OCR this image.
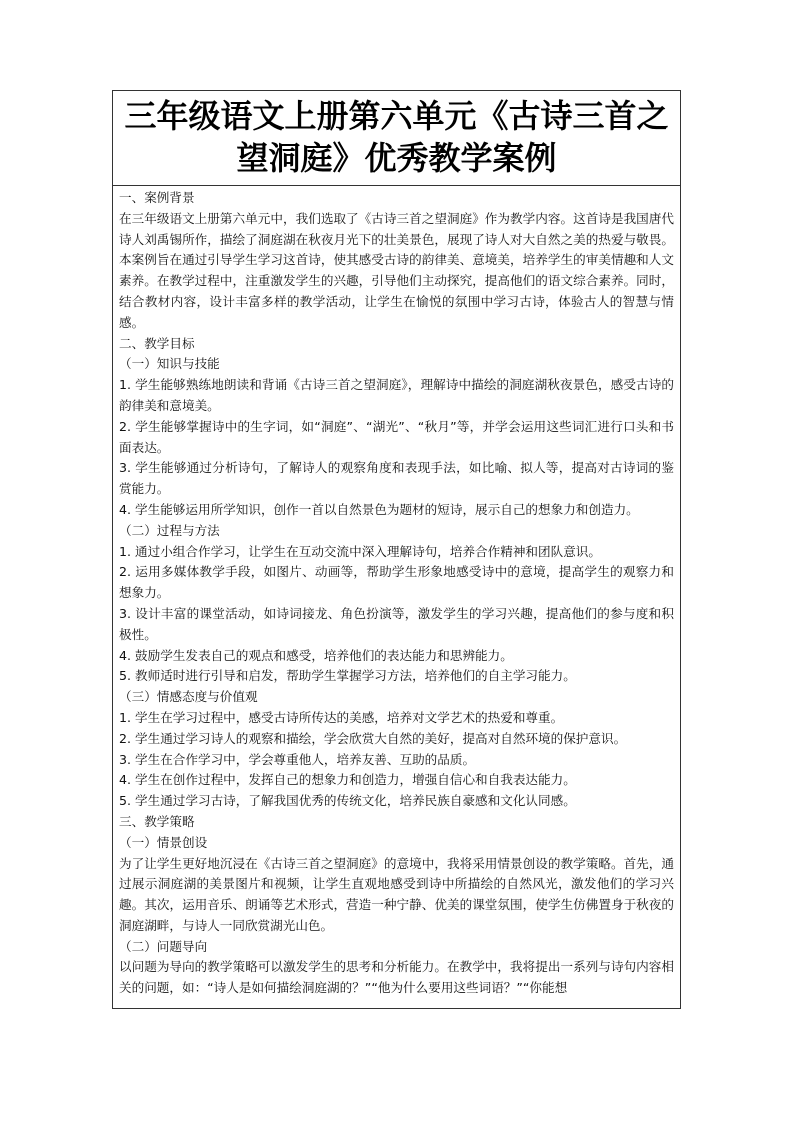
三年级语文上册第六单元《古诗三首之望洞庭》优秀教学案例

一、案例背景

在三年级语文上册第六单元中，我们选取了《古诗三首之望洞庭》作为教学内容。这首诗是我国唐代诗人刘禹锡所作，描绘了洞庭湖在秋夜月光下的壮美景色，展现了诗人对大自然之美的热爱与敬畏。本案例旨在通过引导学生学习这首诗，使其感受古诗的韵律美、意境美，培养学生的审美情趣和人文素养。在教学过程中，注重激发学生的兴趣，引导他们主动探究，提高他们的语文综合素养。同时，结合教材内容，设计丰富多样的教学活动，让学生在愉悦的氛围中学习古诗，体验古人的智慧与情感。

二、教学目标

（一）知识与技能

1. 学生能够熟练地朗读和背诵《古诗三首之望洞庭》，理解诗中描绘的洞庭湖秋夜景色，感受古诗的韵律美和意境美。

2. 学生能够掌握诗中的生字词，如“洞庭”、“湖光”、“秋月”等，并学会运用这些词汇进行口头和书面表达。

3. 学生能够通过分析诗句，了解诗人的观察角度和表现手法，如比喻、拟人等，提高对古诗词的鉴赏能力。

4. 学生能够运用所学知识，创作一首以自然景色为题材的短诗，展示自己的想象力和创造力。

（二）过程与方法

1. 通过小组合作学习，让学生在互动交流中深入理解诗句，培养合作精神和团队意识。

2. 运用多媒体教学手段，如图片、动画等，帮助学生形象地感受诗中的意境，提高学生的观察力和想象力。

3. 设计丰富的课堂活动，如诗词接龙、角色扮演等，激发学生的学习兴趣，提高他们的参与度和积极性。

4. 鼓励学生发表自己的观点和感受，培养他们的表达能力和思辨能力。

5. 教师适时进行引导和启发，帮助学生掌握学习方法，培养他们的自主学习能力。

（三）情感态度与价值观

1. 学生在学习过程中，感受古诗所传达的美感，培养对文学艺术的热爱和尊重。

2. 学生通过学习诗人的观察和描绘，学会欣赏大自然的美好，提高对自然环境的保护意识。

3. 学生在合作学习中，学会尊重他人，培养友善、互助的品质。

4. 学生在创作过程中，发挥自己的想象力和创造力，增强自信心和自我表达能力。

5. 学生通过学习古诗，了解我国优秀的传统文化，培养民族自豪感和文化认同感。

三、教学策略

（一）情景创设

为了让学生更好地沉浸在《古诗三首之望洞庭》的意境中，我将采用情景创设的教学策略。首先，通过展示洞庭湖的美景图片和视频，让学生直观地感受到诗中所描绘的自然风光，激发他们的学习兴趣。其次，运用音乐、朗诵等艺术形式，营造一种宁静、优美的课堂氛围，使学生仿佛置身于秋夜的洞庭湖畔，与诗人一同欣赏湖光山色。

（二）问题导向

以问题为导向的教学策略可以激发学生的思考和分析能力。在教学中，我将提出一系列与诗句内容相关的问题，如：“诗人是如何描绘洞庭湖的？”“他为什么要用这些词语？”“你能想
